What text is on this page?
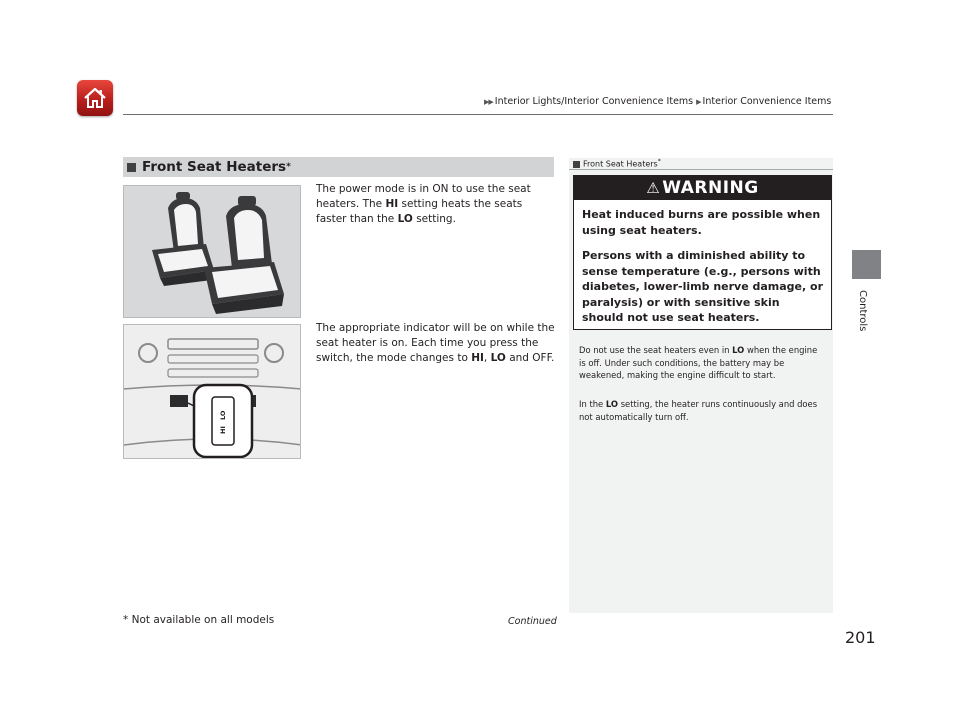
▶▶ Interior Lights/Interior Convenience Items ▶ Interior Convenience Items
Controls
Front Seat Heaters *
HI LO

The power mode is in ON to use the seat heaters. The HI setting heats the seats faster than the LO setting.

The appropriate indicator will be on while the seat heater is on. Each time you press the switch, the mode changes to HI, LO and OFF.

Front Seat Heaters*
⚠ WARNING

Heat induced burns are possible when using seat heaters.

Persons with a diminished ability to sense temperature (e.g., persons with diabetes, lower-limb nerve damage, or paralysis) or with sensitive skin should not use seat heaters.

Do not use the seat heaters even in LO when the engine is off. Under such conditions, the battery may be weakened, making the engine difficult to start.

In the LO setting, the heater runs continuously and does not automatically turn off.

* Not available on all models	Continued
201
